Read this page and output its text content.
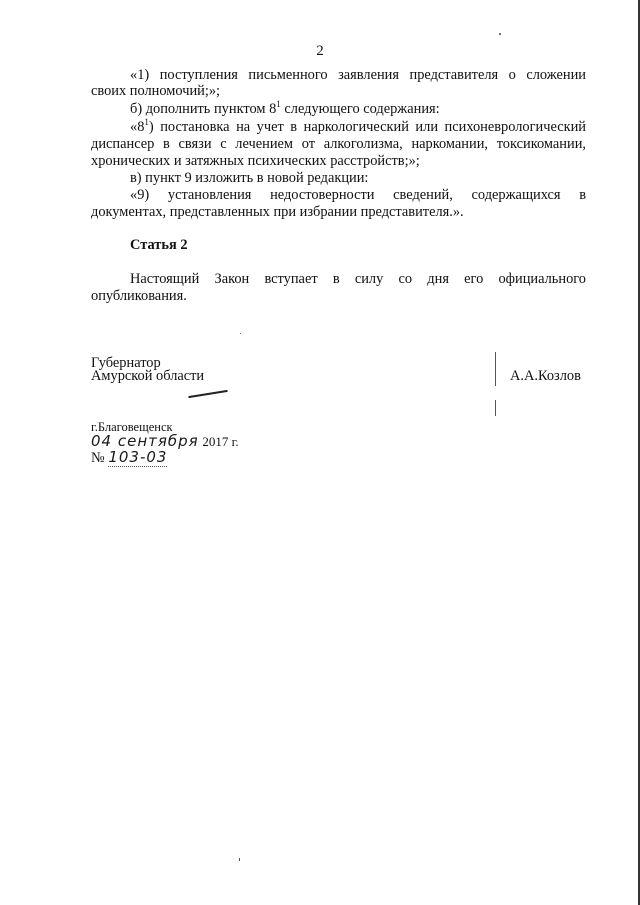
2
«1) поступления письменного заявления представителя о сложении
своих полномочий;»;
б) дополнить пунктом $8^1$ следующего содержания:
«$8^1$) постановка на учет в наркологический или психоневрологический
диспансер в связи с лечением от алкоголизма, наркомании, токсикомании,
хронических и затяжных психических расстройств;»;
в) пункт 9 изложить в новой редакции:
«9) установления недостоверности сведений, содержащихся в
документах, представленных при избрании представителя.».
Статья 2
Настоящий Закон вступает в силу со дня его официального
опубликования.
Губернатор
Амурской области	А.А.Козлов
г.Благовещенск
04 сентября 2017 г.
№ 103-03
